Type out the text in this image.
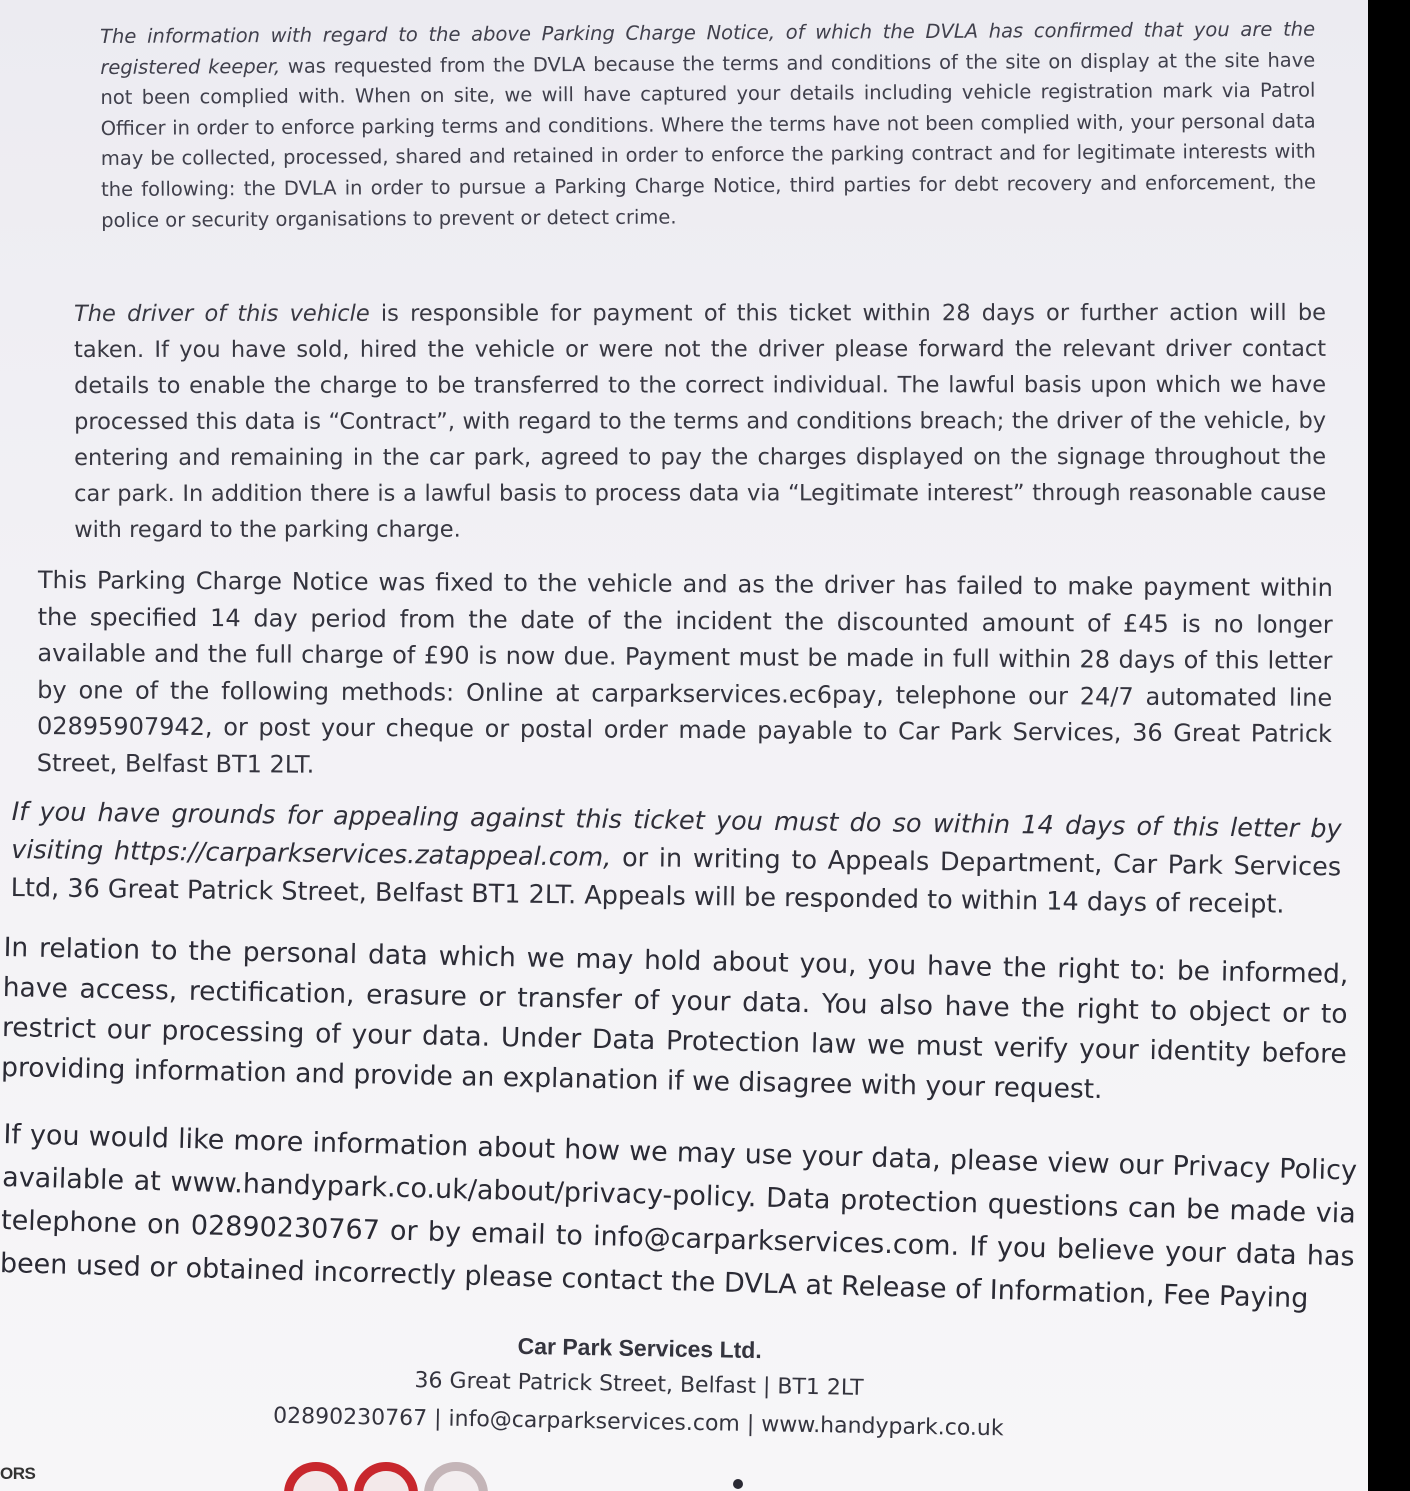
The information with regard to the above Parking Charge Notice, of which the DVLA has confirmed that you are the registered keeper, was requested from the DVLA because the terms and conditions of the site on display at the site have not been complied with. When on site, we will have captured your details including vehicle registration mark via Patrol Officer in order to enforce parking terms and conditions. Where the terms have not been complied with, your personal data may be collected, processed, shared and retained in order to enforce the parking contract and for legitimate interests with the following: the DVLA in order to pursue a Parking Charge Notice, third parties for debt recovery and enforcement, the police or security organisations to prevent or detect crime.

The driver of this vehicle is responsible for payment of this ticket within 28 days or further action will be taken. If you have sold, hired the vehicle or were not the driver please forward the relevant driver contact details to enable the charge to be transferred to the correct individual. The lawful basis upon which we have processed this data is “Contract”, with regard to the terms and conditions breach; the driver of the vehicle, by entering and remaining in the car park, agreed to pay the charges displayed on the signage throughout the car park. In addition there is a lawful basis to process data via “Legitimate interest” through reasonable cause with regard to the parking charge.

This Parking Charge Notice was fixed to the vehicle and as the driver has failed to make payment within the specified 14 day period from the date of the incident the discounted amount of £45 is no longer available and the full charge of £90 is now due. Payment must be made in full within 28 days of this letter by one of the following methods: Online at carparkservices.ec6pay, telephone our 24/7 automated line 02895907942, or post your cheque or postal order made payable to Car Park Services, 36 Great Patrick Street, Belfast BT1 2LT.

If you have grounds for appealing against this ticket you must do so within 14 days of this letter by visiting https://carparkservices.zatappeal.com, or in writing to Appeals Department, Car Park Services Ltd, 36 Great Patrick Street, Belfast BT1 2LT. Appeals will be responded to within 14 days of receipt.

In relation to the personal data which we may hold about you, you have the right to: be informed, have access, rectification, erasure or transfer of your data. You also have the right to object or to restrict our processing of your data. Under Data Protection law we must verify your identity before providing information and provide an explanation if we disagree with your request.

If you would like more information about how we may use your data, please view our Privacy Policy available at www.handypark.co.uk/about/privacy-policy. Data protection questions can be made via telephone on 02890230767 or by email to info@carparkservices.com. If you believe your data has been used or obtained incorrectly please contact the DVLA at Release of Information, Fee Paying

Car Park Services Ltd.
36 Great Patrick Street, Belfast | BT1 2LT
02890230767 | info@carparkservices.com | www.handypark.co.uk
ORS
